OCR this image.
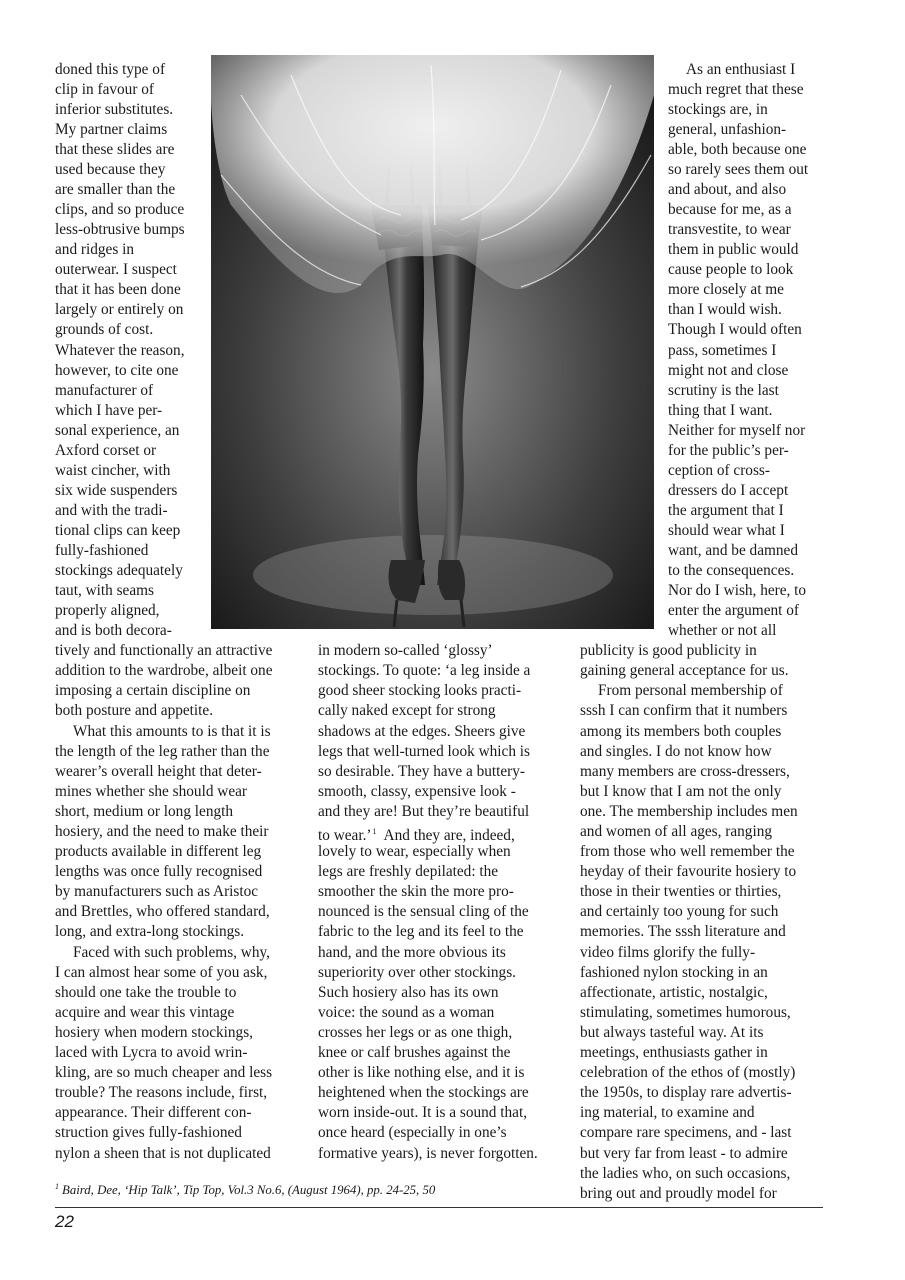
doned this type of
clip in favour of
inferior substitutes.
My partner claims
that these slides are
used because they
are smaller than the
clips, and so produce
less-obtrusive bumps
and ridges in
outerwear. I suspect
that it has been done
largely or entirely on
grounds of cost.
Whatever the reason,
however, to cite one
manufacturer of
which I have per-
sonal experience, an
Axford corset or
waist cincher, with
six wide suspenders
and with the tradi-
tional clips can keep
fully-fashioned
stockings adequately
taut, with seams
properly aligned,
and is both decora-
tively and functionally an attractive
addition to the wardrobe, albeit one
imposing a certain discipline on
both posture and appetite.
What this amounts to is that it is
the length of the leg rather than the
wearer’s overall height that deter-
mines whether she should wear
short, medium or long length
hosiery, and the need to make their
products available in different leg
lengths was once fully recognised
by manufacturers such as Aristoc
and Brettles, who offered standard,
long, and extra-long stockings.
Faced with such problems, why,
I can almost hear some of you ask,
should one take the trouble to
acquire and wear this vintage
hosiery when modern stockings,
laced with Lycra to avoid wrin-
kling, are so much cheaper and less
trouble? The reasons include, first,
appearance. Their different con-
struction gives fully-fashioned
nylon a sheen that is not duplicated
in modern so-called ‘glossy’
stockings. To quote: ‘a leg inside a
good sheer stocking looks practi-
cally naked except for strong
shadows at the edges. Sheers give
legs that well-turned look which is
so desirable. They have a buttery-
smooth, classy, expensive look -
and they are! But they’re beautiful
to wear.’$^1$ And they are, indeed,
lovely to wear, especially when
legs are freshly depilated: the
smoother the skin the more pro-
nounced is the sensual cling of the
fabric to the leg and its feel to the
hand, and the more obvious its
superiority over other stockings.
Such hosiery also has its own
voice: the sound as a woman
crosses her legs or as one thigh,
knee or calf brushes against the
other is like nothing else, and it is
heightened when the stockings are
worn inside-out. It is a sound that,
once heard (especially in one’s
formative years), is never forgotten.
As an enthusiast I
much regret that these
stockings are, in
general, unfashion-
able, both because one
so rarely sees them out
and about, and also
because for me, as a
transvestite, to wear
them in public would
cause people to look
more closely at me
than I would wish.
Though I would often
pass, sometimes I
might not and close
scrutiny is the last
thing that I want.
Neither for myself nor
for the public’s per-
ception of cross-
dressers do I accept
the argument that I
should wear what I
want, and be damned
to the consequences.
Nor do I wish, here, to
enter the argument of
whether or not all
publicity is good publicity in
gaining general acceptance for us.
From personal membership of
sssh I can confirm that it numbers
among its members both couples
and singles. I do not know how
many members are cross-dressers,
but I know that I am not the only
one. The membership includes men
and women of all ages, ranging
from those who well remember the
heyday of their favourite hosiery to
those in their twenties or thirties,
and certainly too young for such
memories. The sssh literature and
video films glorify the fully-
fashioned nylon stocking in an
affectionate, artistic, nostalgic,
stimulating, sometimes humorous,
but always tasteful way. At its
meetings, enthusiasts gather in
celebration of the ethos of (mostly)
the 1950s, to display rare advertis-
ing material, to examine and
compare rare specimens, and - last
but very far from least - to admire
the ladies who, on such occasions,
bring out and proudly model for
$^1$ Baird, Dee, ‘Hip Talk’, Tip Top, Vol.3 No.6, (August 1964), pp. 24-25, 50
22
